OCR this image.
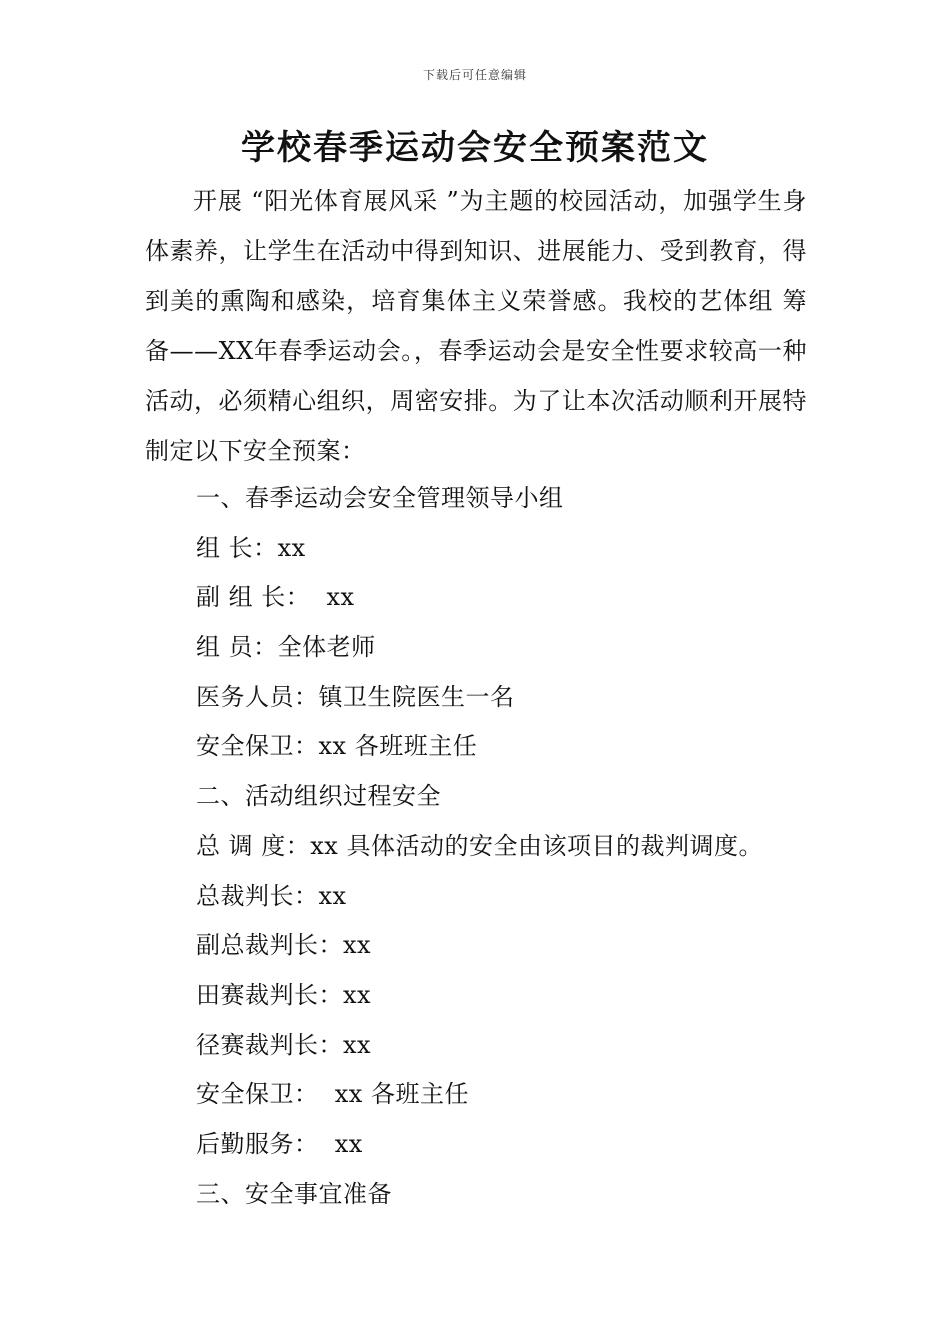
下载后可任意编辑
学校春季运动会安全预案范文

开展 “阳光体育展风采 ”为主题的校园活动，加强学生身体素养，让学生在活动中得到知识、进展能力、受到教育，得到美的熏陶和感染，培育集体主义荣誉感。我校的艺体组 筹备——XX年春季运动会。，春季运动会是安全性要求较高一种活动，必须精心组织，周密安排。为了让本次活动顺利开展特制定以下安全预案：

一、春季运动会安全管理领导小组
组 长：xx
副 组 长：  xx
组 员：全体老师
医务人员：镇卫生院医生一名
安全保卫：xx 各班班主任
二、活动组织过程安全
总 调 度：xx 具体活动的安全由该项目的裁判调度。
总裁判长：xx
副总裁判长：xx
田赛裁判长：xx
径赛裁判长：xx
安全保卫：  xx 各班主任
后勤服务：  xx
三、安全事宜准备
